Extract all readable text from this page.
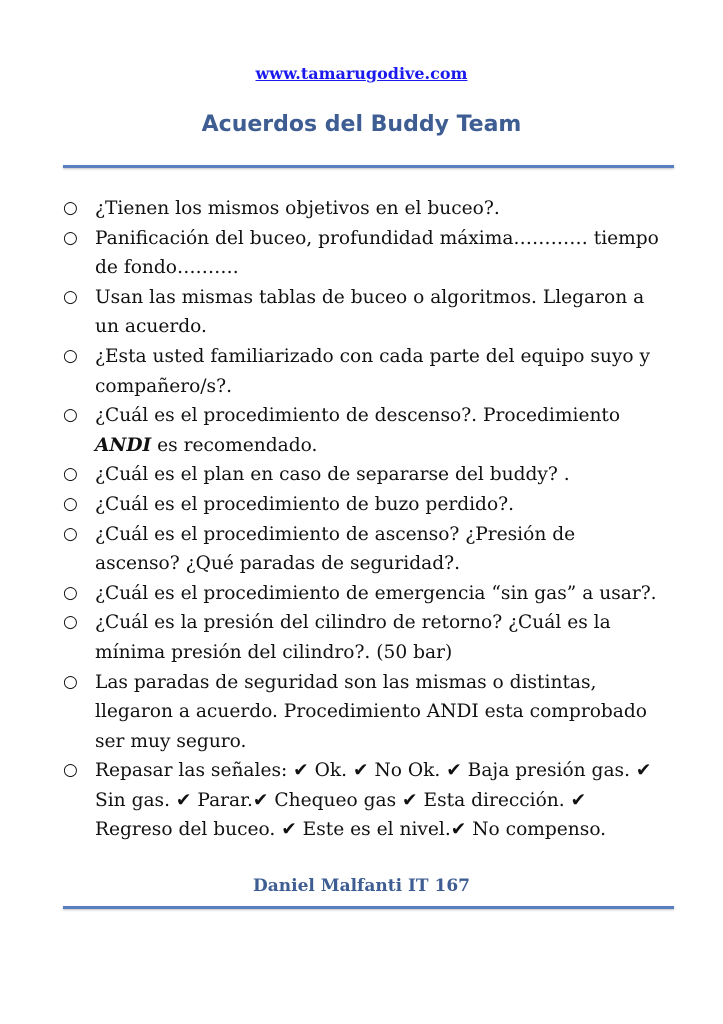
www.tamarugodive.com
Acuerdos del Buddy Team
○ ¿Tienen los mismos objetivos en el buceo?.
○ Panificación del buceo, profundidad máxima………… tiempo de fondo……….
○ Usan las mismas tablas de buceo o algoritmos. Llegaron a un acuerdo.
○ ¿Esta usted familiarizado con cada parte del equipo suyo y compañero/s?.
○ ¿Cuál es el procedimiento de descenso?. Procedimiento ANDI es recomendado.
○ ¿Cuál es el plan en caso de separarse del buddy? .
○ ¿Cuál es el procedimiento de buzo perdido?.
○ ¿Cuál es el procedimiento de ascenso? ¿Presión de ascenso? ¿Qué paradas de seguridad?.
○ ¿Cuál es el procedimiento de emergencia “sin gas” a usar?.
○ ¿Cuál es la presión del cilindro de retorno? ¿Cuál es la mínima presión del cilindro?. (50 bar)
○ Las paradas de seguridad son las mismas o distintas, llegaron a acuerdo. Procedimiento ANDI esta comprobado ser muy seguro.
○ Repasar las señales: ✔ Ok. ✔ No Ok. ✔ Baja presión gas. ✔ Sin gas. ✔ Parar.✔ Chequeo gas ✔ Esta dirección. ✔ Regreso del buceo. ✔ Este es el nivel.✔ No compenso.
Daniel Malfanti IT 167
